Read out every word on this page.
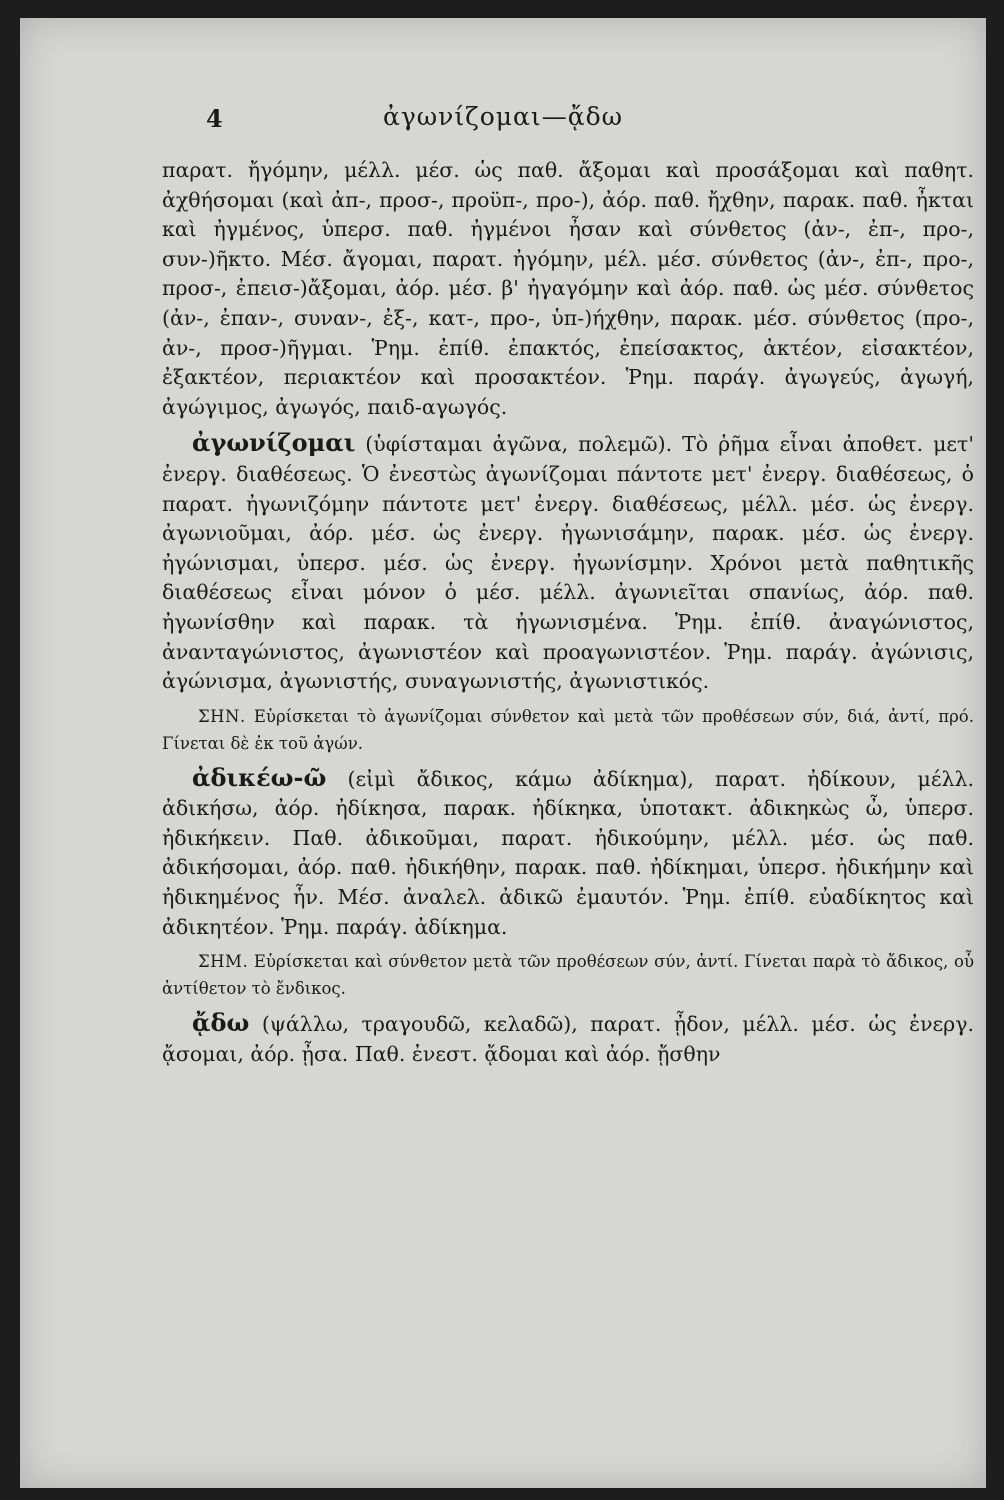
4	ἀγωνίζομαι—ᾄδω

παρατ. ἤγόμην, μέλλ. μέσ. ὡς παθ. ἄξομαι καὶ προσάξομαι καὶ παθητ. ἀχθήσομαι (καὶ ἀπ-, προσ-, προϋπ-, προ-), ἀόρ. παθ. ἤχθην, παρακ. παθ. ἦκται καὶ ἠγμένος, ὑπερσ. παθ. ἠγμένοι ἦσαν καὶ σύνθετος (ἀν-, ἐπ-, προ-, συν-)ῆκτο. Μέσ. ἄγομαι, παρατ. ἠγόμην, μέλ. μέσ. σύνθετος (ἀν-, ἐπ-, προ-, προσ-, ἐπεισ-)ἄξομαι, ἀόρ. μέσ. β' ἠγαγόμην καὶ ἀόρ. παθ. ὡς μέσ. σύνθετος (ἀν-, ἐπαν-, συναν-, ἐξ-, κατ-, προ-, ὑπ-)ήχθην, παρακ. μέσ. σύνθετος (προ-, ἀν-, προσ-)ῆγμαι. Ῥημ. ἐπίθ. ἐπακτός, ἐπείσακτος, ἀκτέον, εἰσακτέον, ἐξακτέον, περιακτέον καὶ προσακτέον. Ῥημ. παράγ. ἀγωγεύς, ἀγωγή, ἀγώγιμος, ἀγωγός, παιδ-αγωγός.

ἀγωνίζομαι (ὑφίσταμαι ἀγῶνα, πολεμῶ). Τὸ ῥῆμα εἶναι ἀποθετ. μετ' ἐνεργ. διαθέσεως. Ὁ ἐνεστὼς ἀγωνίζομαι πάντοτε μετ' ἐνεργ. διαθέσεως, ὁ παρατ. ἠγωνιζόμην πάντοτε μετ' ἐνεργ. διαθέσεως, μέλλ. μέσ. ὡς ἐνεργ. ἀγωνιοῦμαι, ἀόρ. μέσ. ὡς ἐνεργ. ἠγωνισάμην, παρακ. μέσ. ὡς ἐνεργ. ἠγώνισμαι, ὑπερσ. μέσ. ὡς ἐνεργ. ἠγωνίσμην. Χρόνοι μετὰ παθητικῆς διαθέσεως εἶναι μόνον ὁ μέσ. μέλλ. ἀγωνιεῖται σπανίως, ἀόρ. παθ. ἠγωνίσθην καὶ παρακ. τὰ ἠγωνισμένα. Ῥημ. ἐπίθ. ἀναγώνιστος, ἀνανταγώνιστος, ἀγωνιστέον καὶ προαγωνιστέον. Ῥημ. παράγ. ἀγώνισις, ἀγώνισμα, ἀγωνιστής, συναγωνιστής, ἀγωνιστικός.

ΣΗΝ. Εὑρίσκεται τὸ ἀγωνίζομαι σύνθετον καὶ μετὰ τῶν προθέσεων σύν, διά, ἀντί, πρό. Γίνεται δὲ ἐκ τοῦ ἀγών.

ἀδικέω-ῶ (εἰμὶ ἄδικος, κάμω ἀδίκημα), παρατ. ἠδίκουν, μέλλ. ἀδικήσω, ἀόρ. ἠδίκησα, παρακ. ἠδίκηκα, ὑποτακτ. ἀδικηκὼς ὦ, ὑπερσ. ἠδικήκειν. Παθ. ἀδικοῦμαι, παρατ. ἠδικούμην, μέλλ. μέσ. ὡς παθ. ἀδικήσομαι, ἀόρ. παθ. ἠδικήθην, παρακ. παθ. ἠδίκημαι, ὑπερσ. ἠδικήμην καὶ ἠδικημένος ἦν. Μέσ. ἀναλελ. ἀδικῶ ἐμαυτόν. Ῥημ. ἐπίθ. εὐαδίκητος καὶ ἀδικητέον. Ῥημ. παράγ. ἀδίκημα.

ΣΗΜ. Εὑρίσκεται καὶ σύνθετον μετὰ τῶν προθέσεων σύν, ἀντί. Γίνεται παρὰ τὸ ἄδικος, οὗ ἀντίθετον τὸ ἔνδικος.

ᾄδω (ψάλλω, τραγουδῶ, κελαδῶ), παρατ. ᾖδον, μέλλ. μέσ. ὡς ἐνεργ. ᾄσομαι, ἀόρ. ᾖσα. Παθ. ἐνεστ. ᾄδομαι καὶ ἀόρ. ᾔσθην
